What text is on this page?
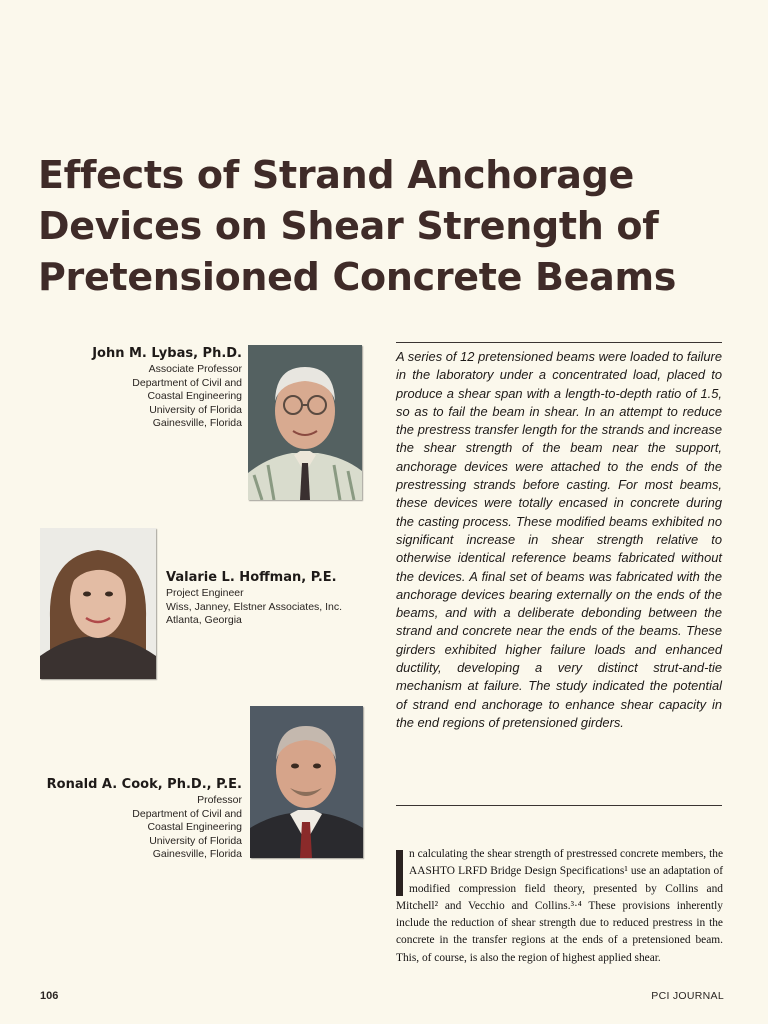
Effects of Strand Anchorage
Devices on Shear Strength of
Pretensioned Concrete Beams
John M. Lybas, Ph.D.
Associate Professor
Department of Civil and
Coastal Engineering
University of Florida
Gainesville, Florida
Valarie L. Hoffman, P.E.
Project Engineer
Wiss, Janney, Elstner Associates, Inc.
Atlanta, Georgia
Ronald A. Cook, Ph.D., P.E.
Professor
Department of Civil and
Coastal Engineering
University of Florida
Gainesville, Florida

A series of 12 pretensioned beams were loaded to failure in the laboratory under a concentrated load, placed to produce a shear span with a length-to-depth ratio of 1.5, so as to fail the beam in shear. In an attempt to reduce the prestress transfer length for the strands and increase the shear strength of the beam near the support, anchorage devices were attached to the ends of the prestressing strands before casting. For most beams, these devices were totally encased in concrete during the casting process. These modified beams exhibited no significant increase in shear strength relative to otherwise identical reference beams fabricated without the devices. A final set of beams was fabricated with the anchorage devices bearing externally on the ends of the beams, and with a deliberate debonding between the strand and concrete near the ends of the beams. These girders exhibited higher failure loads and enhanced ductility, developing a very distinct strut-and-tie mechanism at failure. The study indicated the potential of strand end anchorage to enhance shear capacity in the end regions of pretensioned girders.

n calculating the shear strength of prestressed concrete members, the AASHTO LRFD Bridge Design Specifications¹ use an adaptation of modified compression field theory, presented by Collins and Mitchell² and Vecchio and Collins.³·⁴ These provisions inherently include the reduction of shear strength due to reduced prestress in the concrete in the transfer regions at the ends of a pretensioned beam. This, of course, is also the region of highest applied shear.

106	PCI JOURNAL
